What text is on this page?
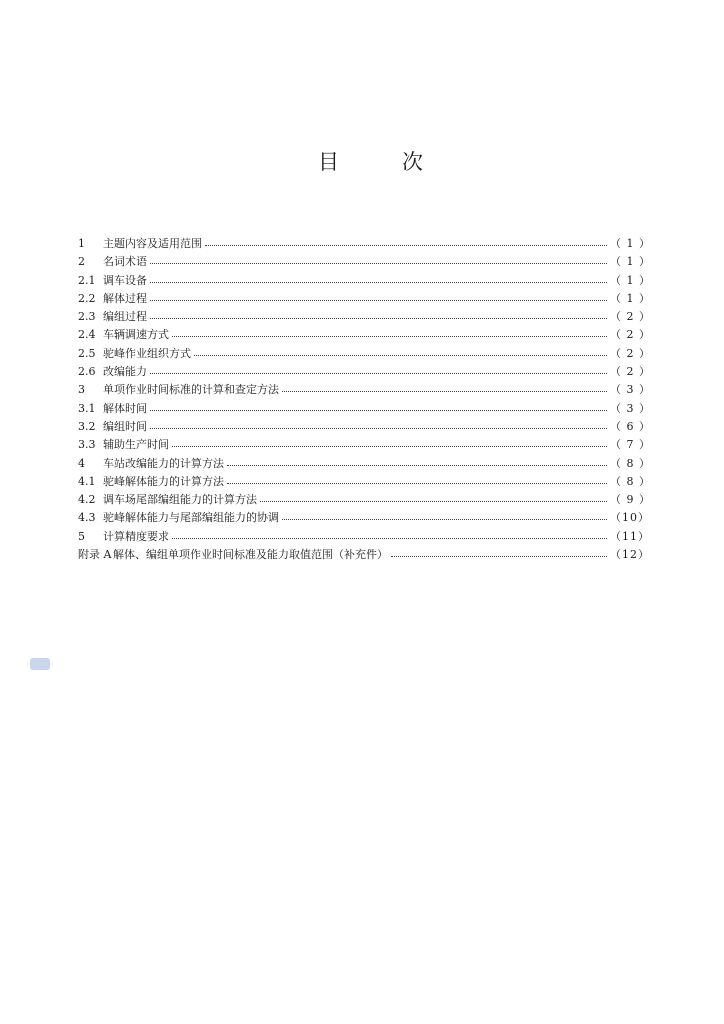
目	次
1	主题内容及适用范围	（ 1 ）
2	名词术语	（ 1 ）
2.1 调车设备	（ 1 ）
2.2 解体过程	（ 1 ）
2.3 编组过程	（ 2 ）
2.4 车辆调速方式	（ 2 ）
2.5 驼峰作业组织方式	（ 2 ）
2.6 改编能力	（ 2 ）
3	单项作业时间标准的计算和查定方法	（ 3 ）
3.1 解体时间	（ 3 ）
3.2 编组时间	（ 6 ）
3.3 辅助生产时间	（ 7 ）
4	车站改编能力的计算方法	（ 8 ）
4.1 驼峰解体能力的计算方法	（ 8 ）
4.2 调车场尾部编组能力的计算方法	（ 9 ）
4.3 驼峰解体能力与尾部编组能力的协调	（10）
5	计算精度要求	（11）
附录 A 解体、编组单项作业时间标准及能力取值范围（补充件）	（12）
